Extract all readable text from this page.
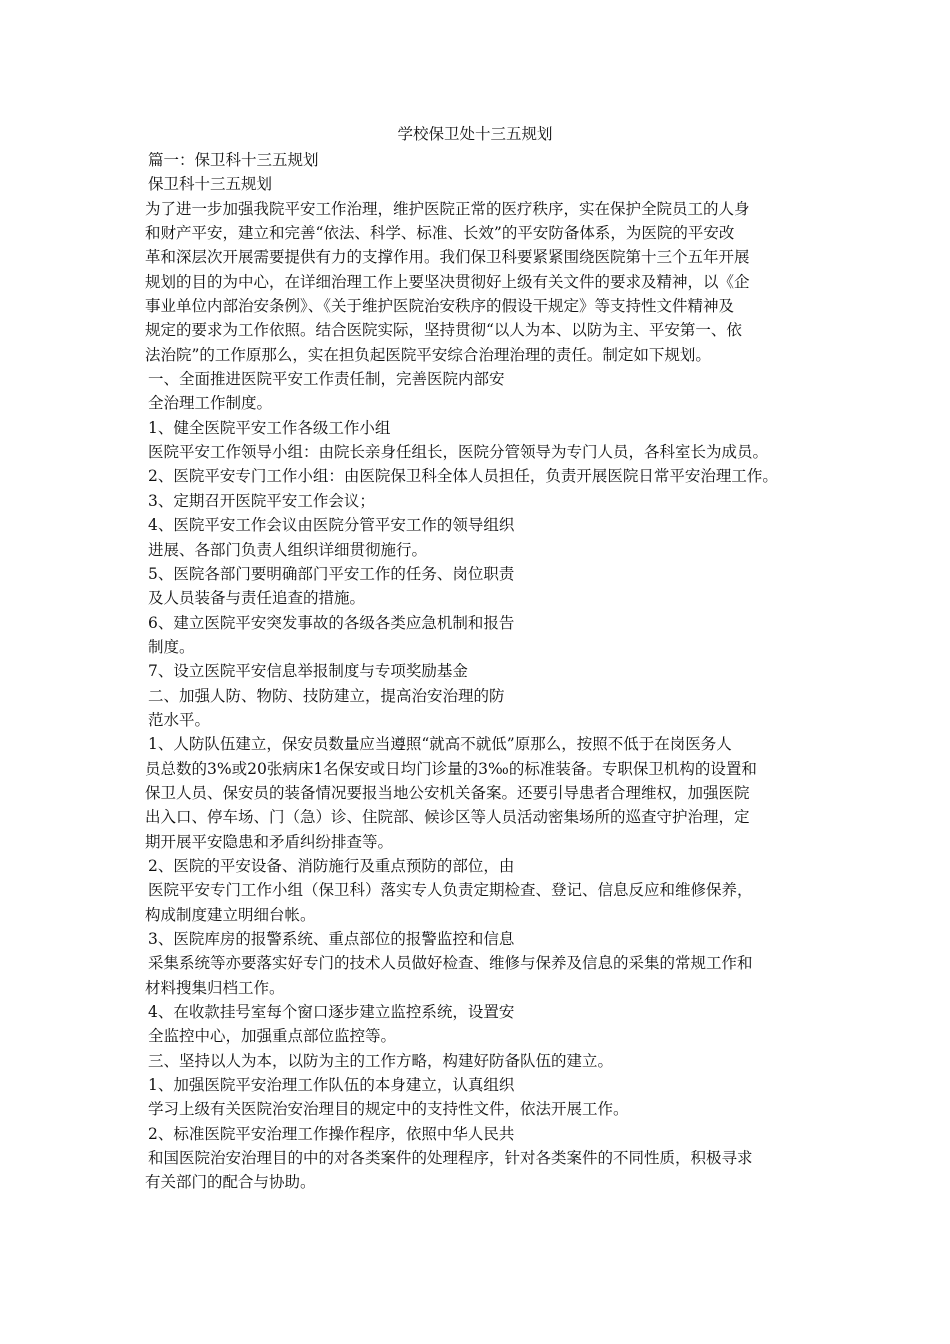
学校保卫处十三五规划
篇一：保卫科十三五规划
保卫科十三五规划
为了进一步加强我院平安工作治理，维护医院正常的医疗秩序，实在保护全院员工的人身
和财产平安，建立和完善“依法、科学、标准、长效”的平安防备体系，为医院的平安改
革和深层次开展需要提供有力的支撑作用。我们保卫科要紧紧围绕医院第十三个五年开展
规划的目的为中心，在详细治理工作上要坚决贯彻好上级有关文件的要求及精神，以《企
事业单位内部治安条例》、《关于维护医院治安秩序的假设干规定》等支持性文件精神及
规定的要求为工作依照。结合医院实际，坚持贯彻“以人为本、以防为主、平安第一、依
法治院”的工作原那么，实在担负起医院平安综合治理治理的责任。制定如下规划。
一、全面推进医院平安工作责任制，完善医院内部安
全治理工作制度。
1、健全医院平安工作各级工作小组
医院平安工作领导小组：由院长亲身任组长，医院分管领导为专门人员，各科室长为成员。
2、医院平安专门工作小组：由医院保卫科全体人员担任，负责开展医院日常平安治理工作。
3、定期召开医院平安工作会议；
4、医院平安工作会议由医院分管平安工作的领导组织
进展、各部门负责人组织详细贯彻施行。
5、医院各部门要明确部门平安工作的任务、岗位职责
及人员装备与责任追查的措施。
6、建立医院平安突发事故的各级各类应急机制和报告
制度。
7、设立医院平安信息举报制度与专项奖励基金
二、加强人防、物防、技防建立，提高治安治理的防
范水平。
1、人防队伍建立，保安员数量应当遵照“就高不就低”原那么，按照不低于在岗医务人
员总数的3%或20张病床1名保安或日均门诊量的3‰的标准装备。专职保卫机构的设置和
保卫人员、保安员的装备情况要报当地公安机关备案。还要引导患者合理维权，加强医院
出入口、停车场、门（急）诊、住院部、候诊区等人员活动密集场所的巡查守护治理，定
期开展平安隐患和矛盾纠纷排查等。
2、医院的平安设备、消防施行及重点预防的部位，由
医院平安专门工作小组（保卫科）落实专人负责定期检查、登记、信息反应和维修保养，
构成制度建立明细台帐。
3、医院库房的报警系统、重点部位的报警监控和信息
采集系统等亦要落实好专门的技术人员做好检查、维修与保养及信息的采集的常规工作和
材料搜集归档工作。
4、在收款挂号室每个窗口逐步建立监控系统，设置安
全监控中心，加强重点部位监控等。
三、坚持以人为本，以防为主的工作方略，构建好防备队伍的建立。
1、加强医院平安治理工作队伍的本身建立，认真组织
学习上级有关医院治安治理目的规定中的支持性文件，依法开展工作。
2、标准医院平安治理工作操作程序，依照中华人民共
和国医院治安治理目的中的对各类案件的处理程序，针对各类案件的不同性质，积极寻求
有关部门的配合与协助。
